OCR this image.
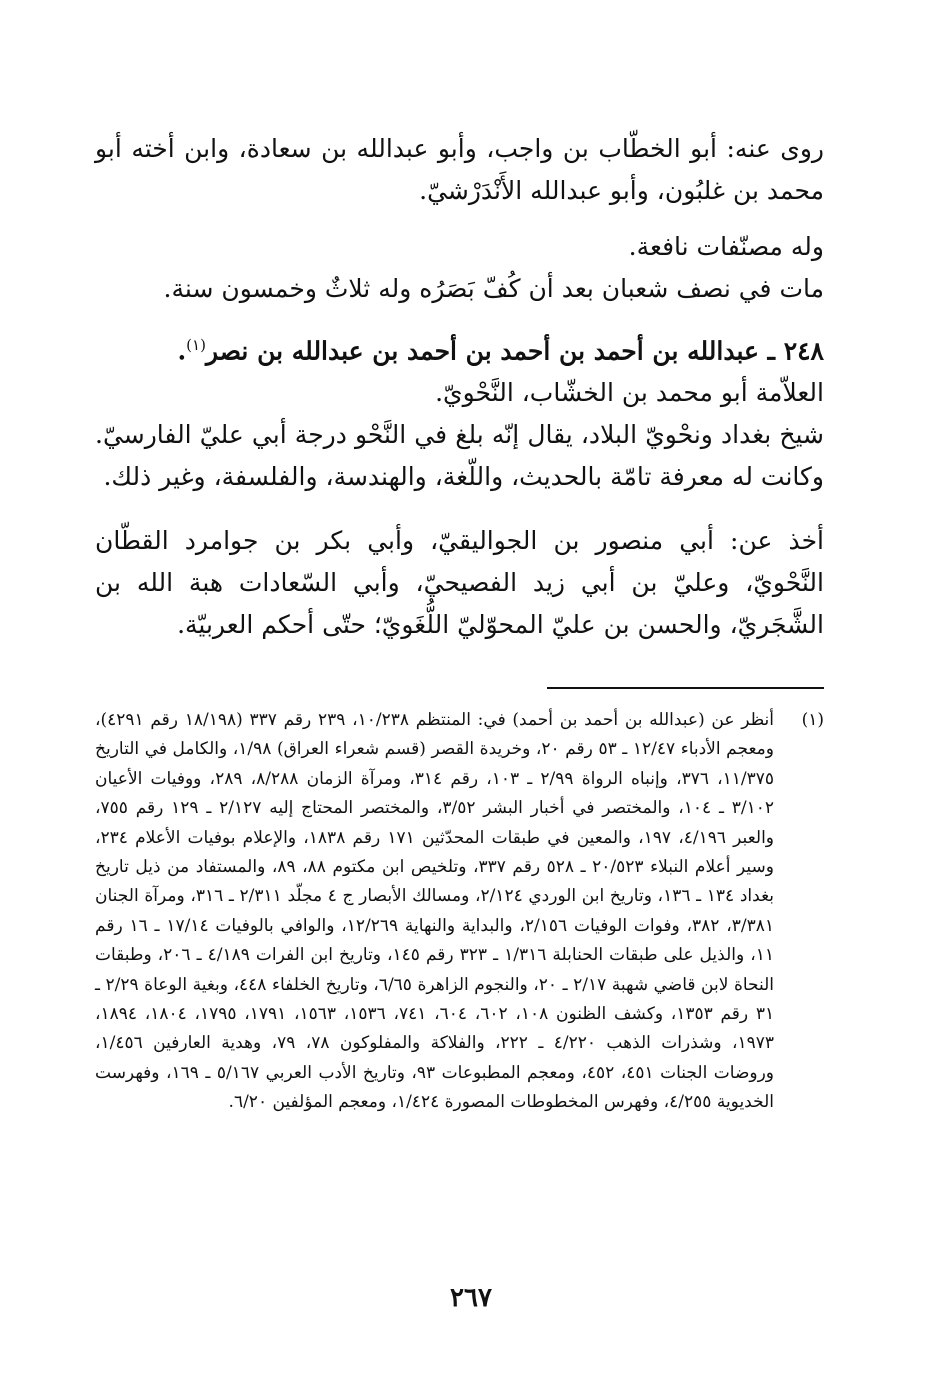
روى عنه: أبو الخطّاب بن واجب، وأبو عبدالله بن سعادة، وابن أخته أبو محمد بن غلبُون، وأبو عبدالله الأَنْدَرْشيّ.

وله مصنّفات نافعة.

مات في نصف شعبان بعد أن كُفّ بَصَرُه وله ثلاثٌ وخمسون سنة.

٢٤٨ ـ عبدالله بن أحمد بن أحمد بن أحمد بن عبدالله بن نصر$^{(١)}$.

العلاّمة أبو محمد بن الخشّاب، النَّحْويّ.

شيخ بغداد ونحْويّ البلاد، يقال إنّه بلغ في النَّحْو درجة أبي عليّ الفارسيّ. وكانت له معرفة تامّة بالحديث، واللّغة، والهندسة، والفلسفة، وغير ذلك.

أخذ عن: أبي منصور بن الجواليقيّ، وأبي بكر بن جوامرد القطّان النَّحْويّ، وعليّ بن أبي زيد الفصيحيّ، وأبي السّعادات هبة الله بن الشَّجَريّ، والحسن بن عليّ المحوّليّ اللُّغَويّ؛ حتّى أحكم العربيّة.

(١)
أنظر عن (عبدالله بن أحمد بن أحمد) في: المنتظم ١٠/٢٣٨، ٢٣٩ رقم ٣٣٧ (١٨/١٩٨ رقم ٤٢٩١)، ومعجم الأدباء ١٢/٤٧ ـ ٥٣ رقم ٢٠، وخريدة القصر (قسم شعراء العراق) ١/٩٨، والكامل في التاريخ ١١/٣٧٥، ٣٧٦، وإنباه الرواة ٢/٩٩ ـ ١٠٣، رقم ٣١٤، ومرآة الزمان ٨/٢٨٨، ٢٨٩، ووفيات الأعيان ٣/١٠٢ ـ ١٠٤، والمختصر في أخبار البشر ٣/٥٢، والمختصر المحتاج إليه ٢/١٢٧ ـ ١٢٩ رقم ٧٥٥، والعبر ٤/١٩٦، ١٩٧، والمعين في طبقات المحدّثين ١٧١ رقم ١٨٣٨، والإعلام بوفيات الأعلام ٢٣٤، وسير أعلام النبلاء ٢٠/٥٢٣ ـ ٥٢٨ رقم ٣٣٧، وتلخيص ابن مكتوم ٨٨، ٨٩، والمستفاد من ذيل تاريخ بغداد ١٣٤ ـ ١٣٦، وتاريخ ابن الوردي ٢/١٢٤، ومسالك الأبصار ج ٤ مجلّد ٢/٣١١ ـ ٣١٦، ومرآة الجنان ٣/٣٨١، ٣٨٢، وفوات الوفيات ٢/١٥٦، والبداية والنهاية ١٢/٢٦٩، والوافي بالوفيات ١٧/١٤ ـ ١٦ رقم ١١، والذيل على طبقات الحنابلة ١/٣١٦ ـ ٣٢٣ رقم ١٤٥، وتاريخ ابن الفرات ٤/١٨٩ ـ ٢٠٦، وطبقات النحاة لابن قاضي شهبة ٢/١٧ ـ ٢٠، والنجوم الزاهرة ٦/٦٥، وتاريخ الخلفاء ٤٤٨، وبغية الوعاة ٢/٢٩ ـ ٣١ رقم ١٣٥٣، وكشف الظنون ١٠٨، ٦٠٢، ٦٠٤، ٧٤١، ١٥٣٦، ١٥٦٣، ١٧٩١، ١٧٩٥، ١٨٠٤، ١٨٩٤، ١٩٧٣، وشذرات الذهب ٤/٢٢٠ ـ ٢٢٢، والفلاكة والمفلوكون ٧٨، ٧٩، وهدية العارفين ١/٤٥٦، وروضات الجنات ٤٥١، ٤٥٢، ومعجم المطبوعات ٩٣، وتاريخ الأدب العربي ٥/١٦٧ ـ ١٦٩، وفهرست الخديوية ٤/٢٥٥، وفهرس المخطوطات المصورة ١/٤٢٤، ومعجم المؤلفين ٦/٢٠.
٢٦٧
